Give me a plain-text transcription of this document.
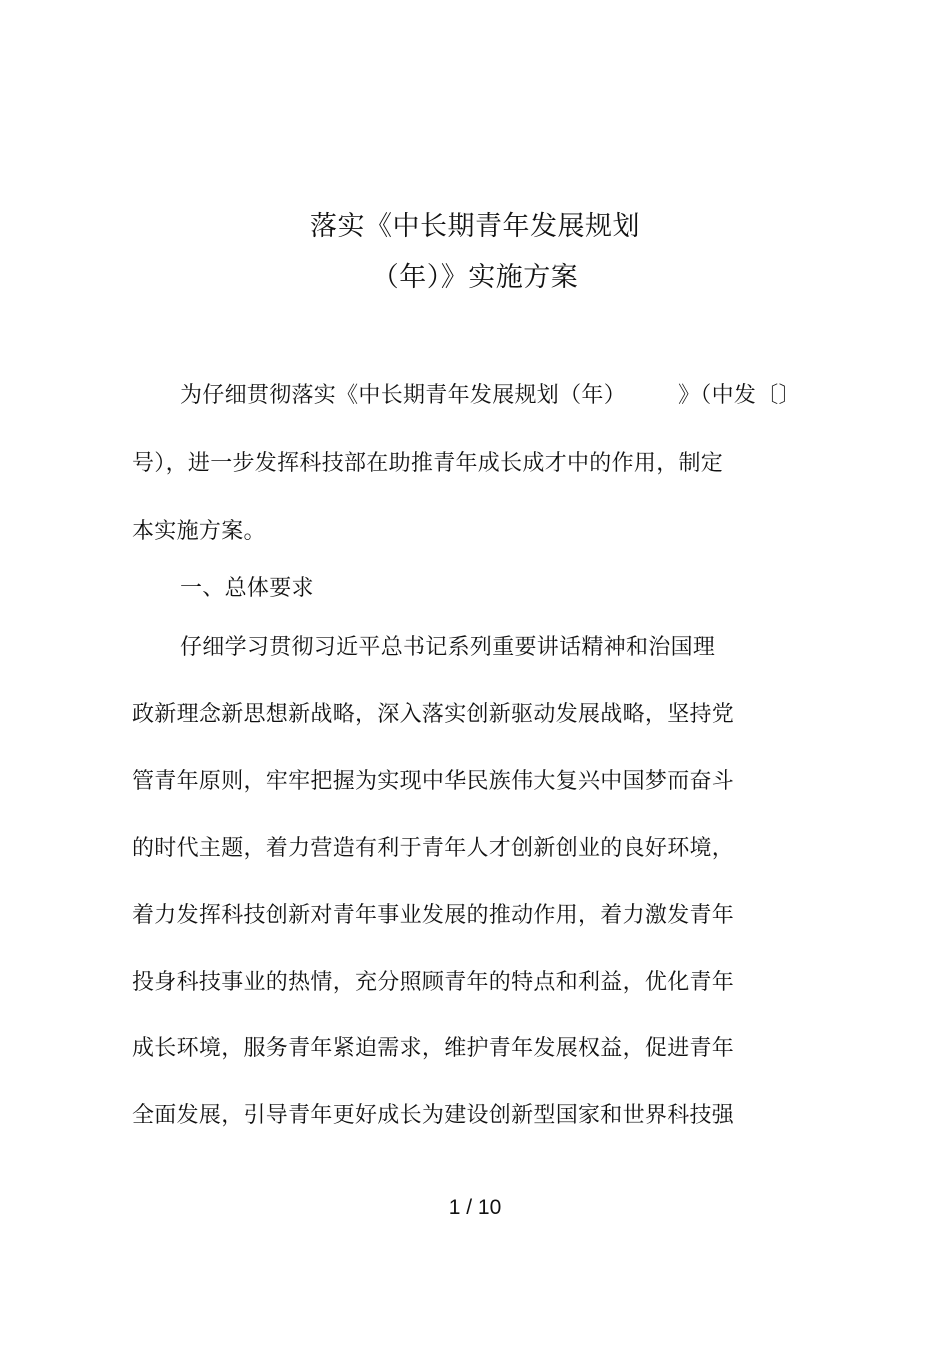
落实《中长期青年发展规划
（年）》实施方案
为仔细贯彻落实《中长期青年发展规划（年） 》（中发〔〕
号），进一步发挥科技部在助推青年成长成才中的作用，制定
本实施方案。
一、总体要求
仔细学习贯彻习近平总书记系列重要讲话精神和治国理
政新理念新思想新战略，深入落实创新驱动发展战略，坚持党
管青年原则，牢牢把握为实现中华民族伟大复兴中国梦而奋斗
的时代主题，着力营造有利于青年人才创新创业的良好环境，
着力发挥科技创新对青年事业发展的推动作用，着力激发青年
投身科技事业的热情，充分照顾青年的特点和利益，优化青年
成长环境，服务青年紧迫需求，维护青年发展权益，促进青年
全面发展，引导青年更好成长为建设创新型国家和世界科技强
1 / 10
